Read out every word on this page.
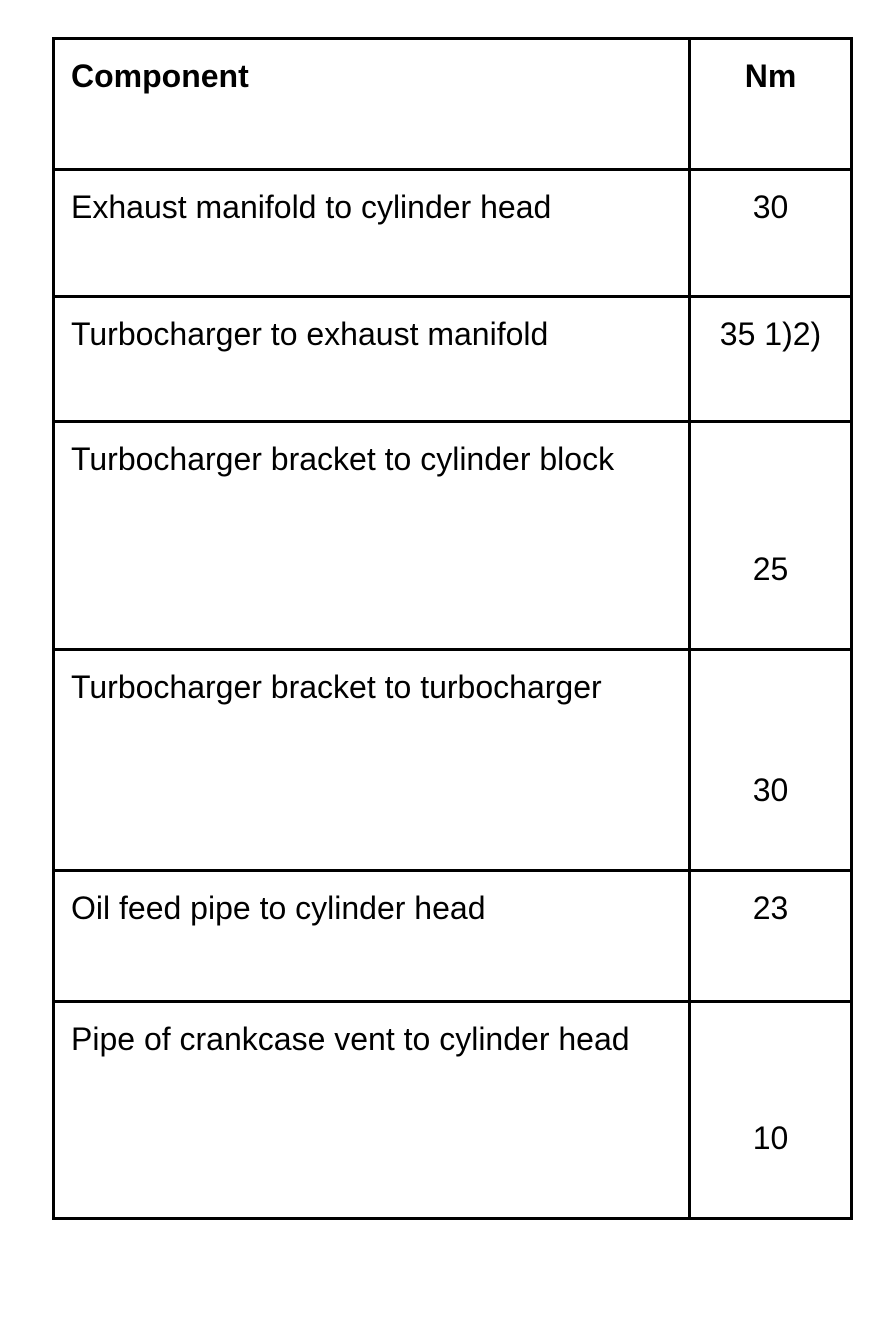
Component	Nm
Exhaust manifold to cylinder head	30
Turbocharger to exhaust manifold	35 1)2)
Turbocharger bracket to cylinder block	25
Turbocharger bracket to turbocharger	30
Oil feed pipe to cylinder head	23
Pipe of crankcase vent to cylinder head	10
